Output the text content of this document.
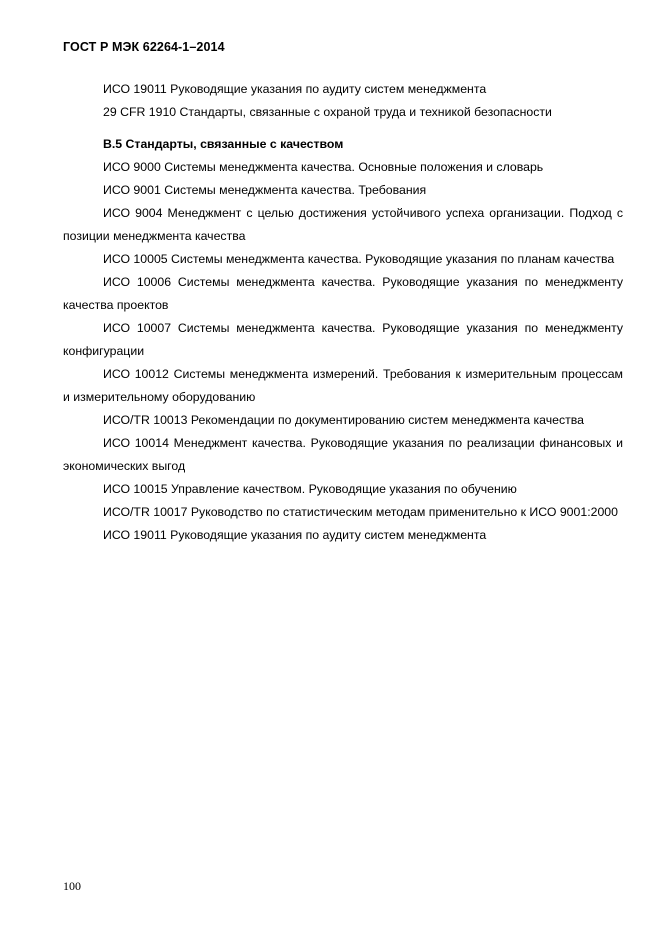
ГОСТ Р МЭК 62264-1–2014

ИСО 19011 Руководящие указания по аудиту систем менеджмента

29 CFR 1910 Стандарты, связанные с охраной труда и техникой безопасности

B.5 Стандарты, связанные с качеством

ИСО 9000 Системы менеджмента качества. Основные положения и словарь

ИСО 9001 Системы менеджмента качества. Требования

ИСО 9004 Менеджмент с целью достижения устойчивого успеха организации. Подход с позиции менеджмента качества

ИСО 10005 Системы менеджмента качества. Руководящие указания по планам качества

ИСО 10006 Системы менеджмента качества. Руководящие указания по менеджменту качества проектов

ИСО 10007 Системы менеджмента качества. Руководящие указания по менеджменту конфигурации

ИСО 10012 Системы менеджмента измерений. Требования к измерительным процессам и измерительному оборудованию

ИСО/TR 10013 Рекомендации по документированию систем менеджмента качества

ИСО 10014 Менеджмент качества. Руководящие указания по реализации финансовых и экономических выгод

ИСО 10015 Управление качеством. Руководящие указания по обучению

ИСО/TR 10017 Руководство по статистическим методам применительно к ИСО 9001:2000

ИСО 19011 Руководящие указания по аудиту систем менеджмента

100
